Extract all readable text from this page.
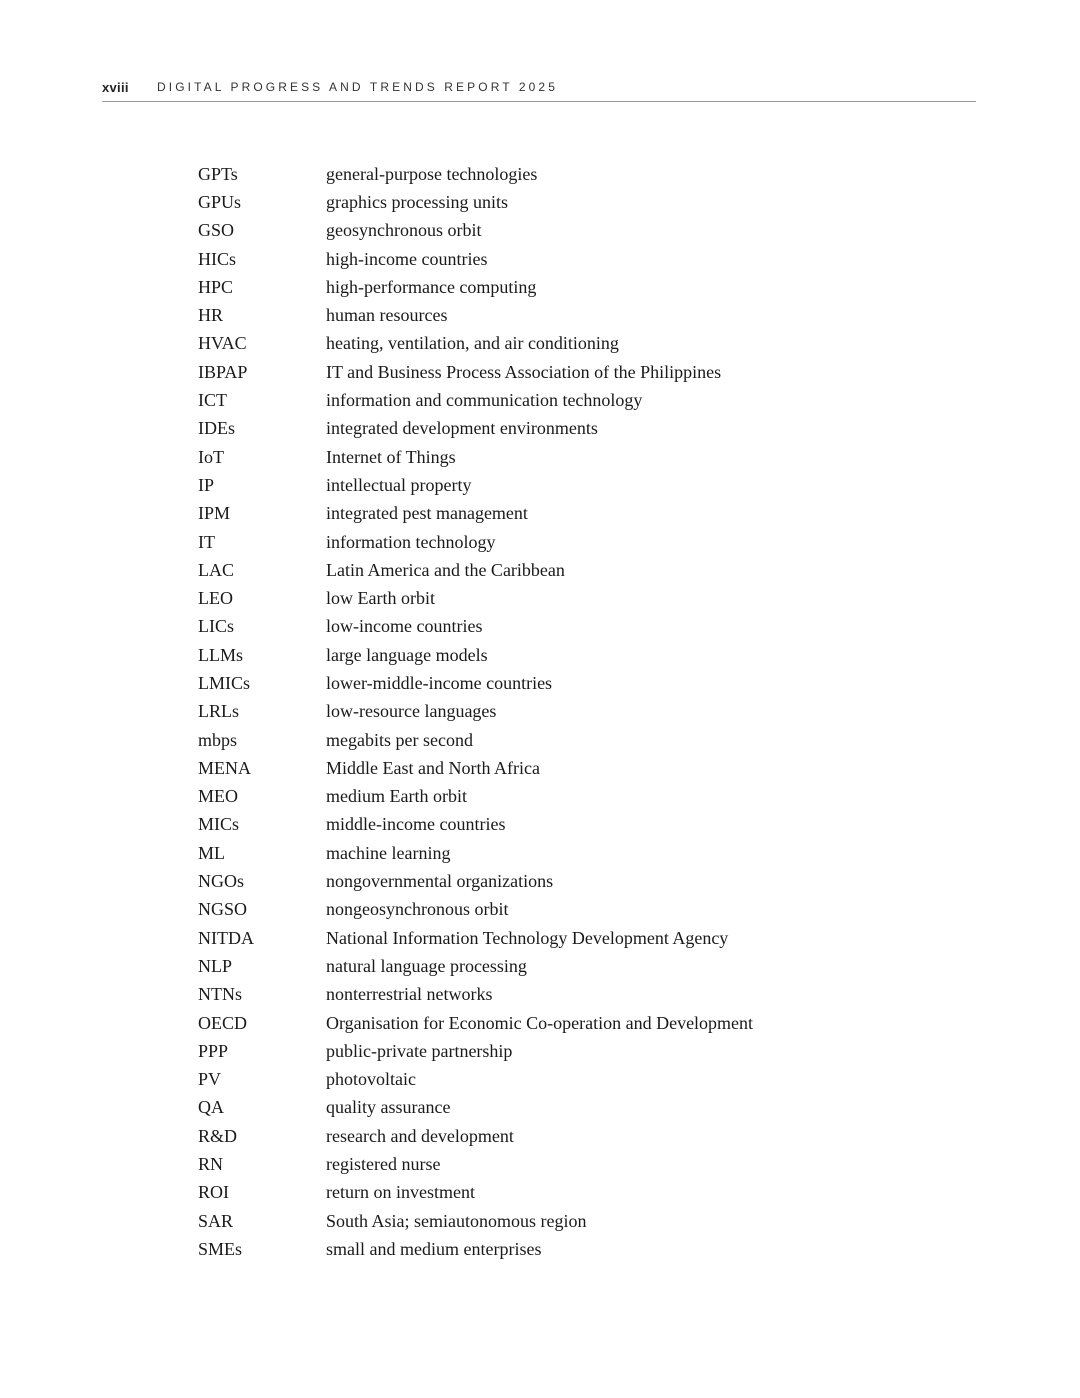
xviii	DIGITAL PROGRESS AND TRENDS REPORT 2025
GPTs	general-purpose technologies
GPUs	graphics processing units
GSO	geosynchronous orbit
HICs	high-income countries
HPC	high-performance computing
HR	human resources
HVAC	heating, ventilation, and air conditioning
IBPAP	IT and Business Process Association of the Philippines
ICT	information and communication technology
IDEs	integrated development environments
IoT	Internet of Things
IP	intellectual property
IPM	integrated pest management
IT	information technology
LAC	Latin America and the Caribbean
LEO	low Earth orbit
LICs	low-income countries
LLMs	large language models
LMICs	lower-middle-income countries
LRLs	low-resource languages
mbps	megabits per second
MENA	Middle East and North Africa
MEO	medium Earth orbit
MICs	middle-income countries
ML	machine learning
NGOs	nongovernmental organizations
NGSO	nongeosynchronous orbit
NITDA	National Information Technology Development Agency
NLP	natural language processing
NTNs	nonterrestrial networks
OECD	Organisation for Economic Co-operation and Development
PPP	public-private partnership
PV	photovoltaic
QA	quality assurance
R&D	research and development
RN	registered nurse
ROI	return on investment
SAR	South Asia; semiautonomous region
SMEs	small and medium enterprises
